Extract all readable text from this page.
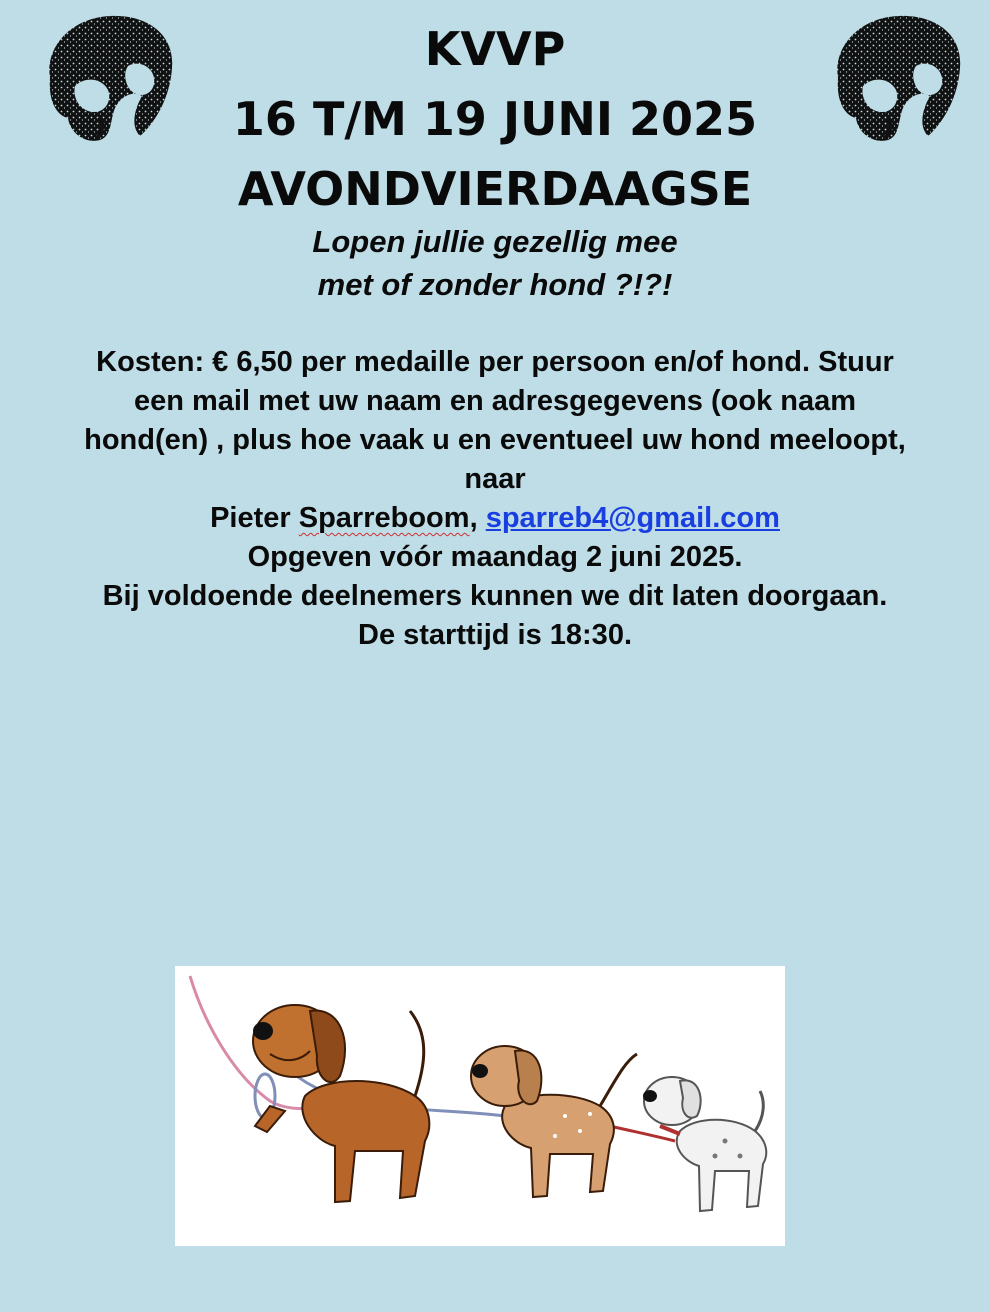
KVVP
16 T/M 19 JUNI 2025
AVONDVIERDAAGSE
Lopen jullie gezellig mee
met of zonder hond ?!?!
Kosten: € 6,50 per medaille per persoon en/of hond. Stuur
een mail met uw naam en adresgegevens (ook naam
hond(en) , plus hoe vaak u en eventueel uw hond meeloopt,
naar
Pieter Sparreboom, sparreb4@gmail.com
Opgeven vóór maandag 2 juni 2025.
Bij voldoende deelnemers kunnen we dit laten doorgaan.
De starttijd is 18:30.
